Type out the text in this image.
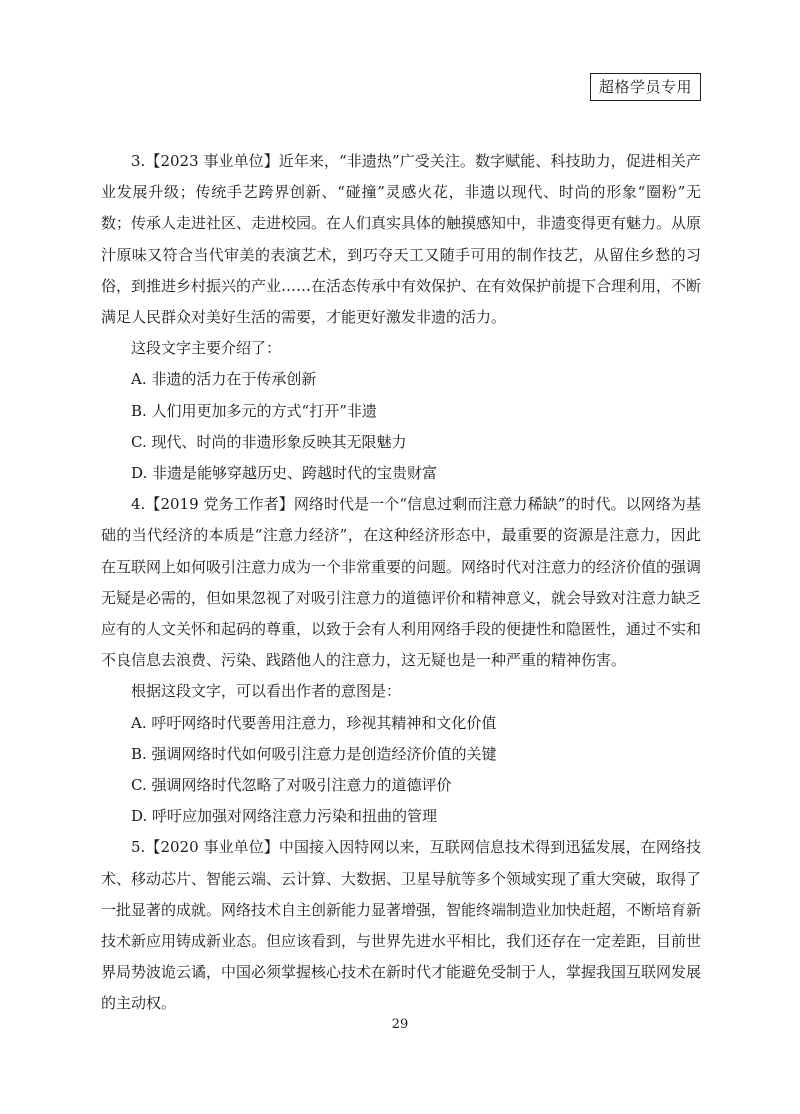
超格学员专用

3.【2023 事业单位】近年来，“非遗热”广受关注。数字赋能、科技助力，促进相关产业发展升级；传统手艺跨界创新、“碰撞”灵感火花，非遗以现代、时尚的形象“圈粉”无数；传承人走进社区、走进校园。在人们真实具体的触摸感知中，非遗变得更有魅力。从原汁原味又符合当代审美的表演艺术，到巧夺天工又随手可用的制作技艺，从留住乡愁的习俗，到推进乡村振兴的产业……在活态传承中有效保护、在有效保护前提下合理利用，不断满足人民群众对美好生活的需要，才能更好激发非遗的活力。

这段文字主要介绍了：

A. 非遗的活力在于传承创新

B. 人们用更加多元的方式“打开”非遗

C. 现代、时尚的非遗形象反映其无限魅力

D. 非遗是能够穿越历史、跨越时代的宝贵财富

4.【2019 党务工作者】网络时代是一个“信息过剩而注意力稀缺”的时代。以网络为基础的当代经济的本质是“注意力经济”，在这种经济形态中，最重要的资源是注意力，因此在互联网上如何吸引注意力成为一个非常重要的问题。网络时代对注意力的经济价值的强调无疑是必需的，但如果忽视了对吸引注意力的道德评价和精神意义，就会导致对注意力缺乏应有的人文关怀和起码的尊重，以致于会有人利用网络手段的便捷性和隐匿性，通过不实和不良信息去浪费、污染、践踏他人的注意力，这无疑也是一种严重的精神伤害。

根据这段文字，可以看出作者的意图是：

A. 呼吁网络时代要善用注意力，珍视其精神和文化价值

B. 强调网络时代如何吸引注意力是创造经济价值的关键

C. 强调网络时代忽略了对吸引注意力的道德评价

D. 呼吁应加强对网络注意力污染和扭曲的管理

5.【2020 事业单位】中国接入因特网以来，互联网信息技术得到迅猛发展，在网络技术、移动芯片、智能云端、云计算、大数据、卫星导航等多个领域实现了重大突破，取得了一批显著的成就。网络技术自主创新能力显著增强，智能终端制造业加快赶超，不断培育新技术新应用铸成新业态。但应该看到，与世界先进水平相比，我们还存在一定差距，目前世界局势波诡云谲，中国必须掌握核心技术在新时代才能避免受制于人，掌握我国互联网发展的主动权。

29
